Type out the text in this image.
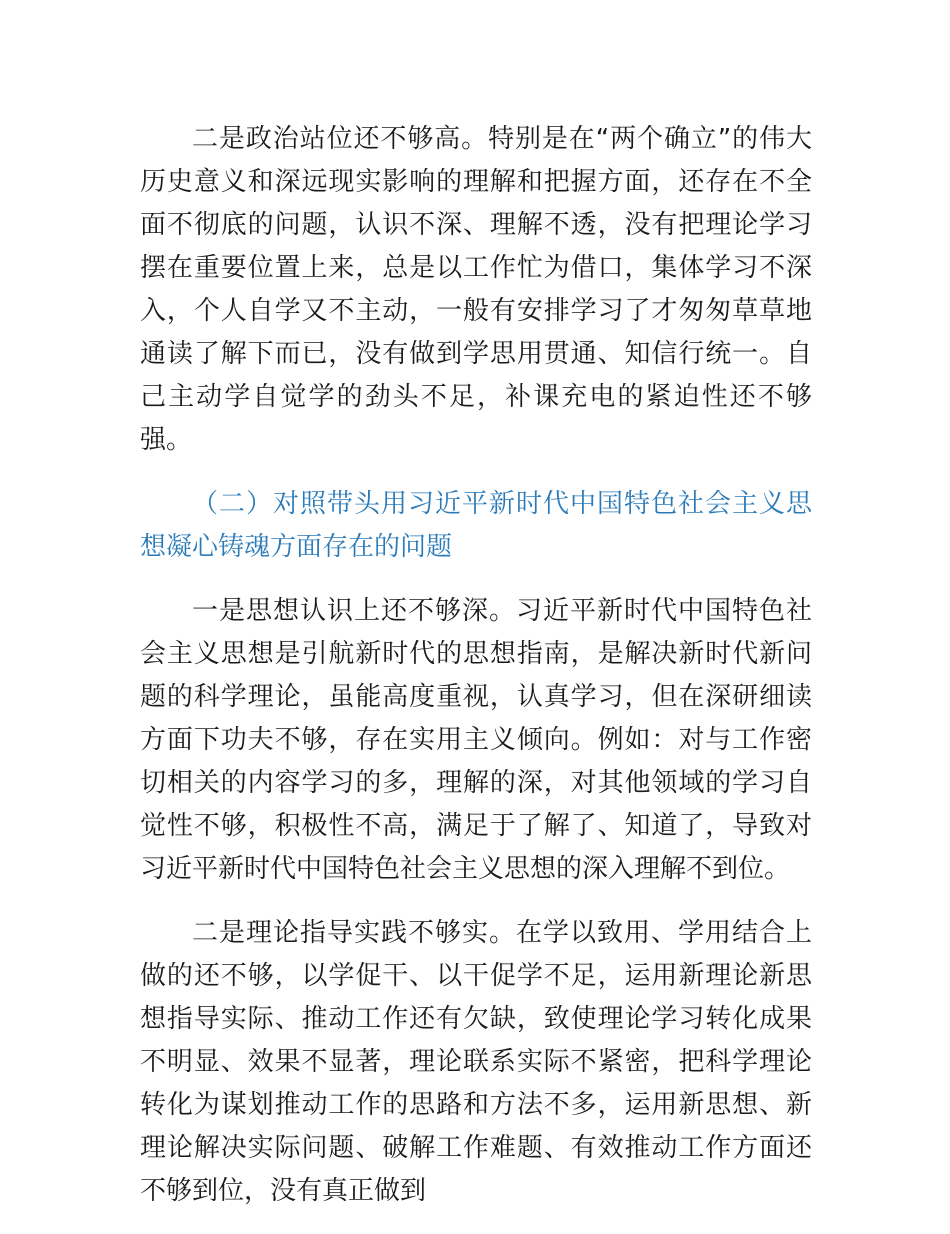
二是政治站位还不够高。特别是在“两个确立”的伟大历史意义和深远现实影响的理解和把握方面，还存在不全面不彻底的问题，认识不深、理解不透，没有把理论学习摆在重要位置上来，总是以工作忙为借口，集体学习不深入，个人自学又不主动，一般有安排学习了才匆匆草草地通读了解下而已，没有做到学思用贯通、知信行统一。自己主动学自觉学的劲头不足，补课充电的紧迫性还不够强。

（二）对照带头用习近平新时代中国特色社会主义思想凝心铸魂方面存在的问题

一是思想认识上还不够深。习近平新时代中国特色社会主义思想是引航新时代的思想指南，是解决新时代新问题的科学理论，虽能高度重视，认真学习，但在深研细读方面下功夫不够，存在实用主义倾向。例如：对与工作密切相关的内容学习的多，理解的深，对其他领域的学习自觉性不够，积极性不高，满足于了解了、知道了，导致对习近平新时代中国特色社会主义思想的深入理解不到位。

二是理论指导实践不够实。在学以致用、学用结合上做的还不够，以学促干、以干促学不足，运用新理论新思想指导实际、推动工作还有欠缺，致使理论学习转化成果不明显、效果不显著，理论联系实际不紧密，把科学理论转化为谋划推动工作的思路和方法不多，运用新思想、新理论解决实际问题、破解工作难题、有效推动工作方面还不够到位，没有真正做到
